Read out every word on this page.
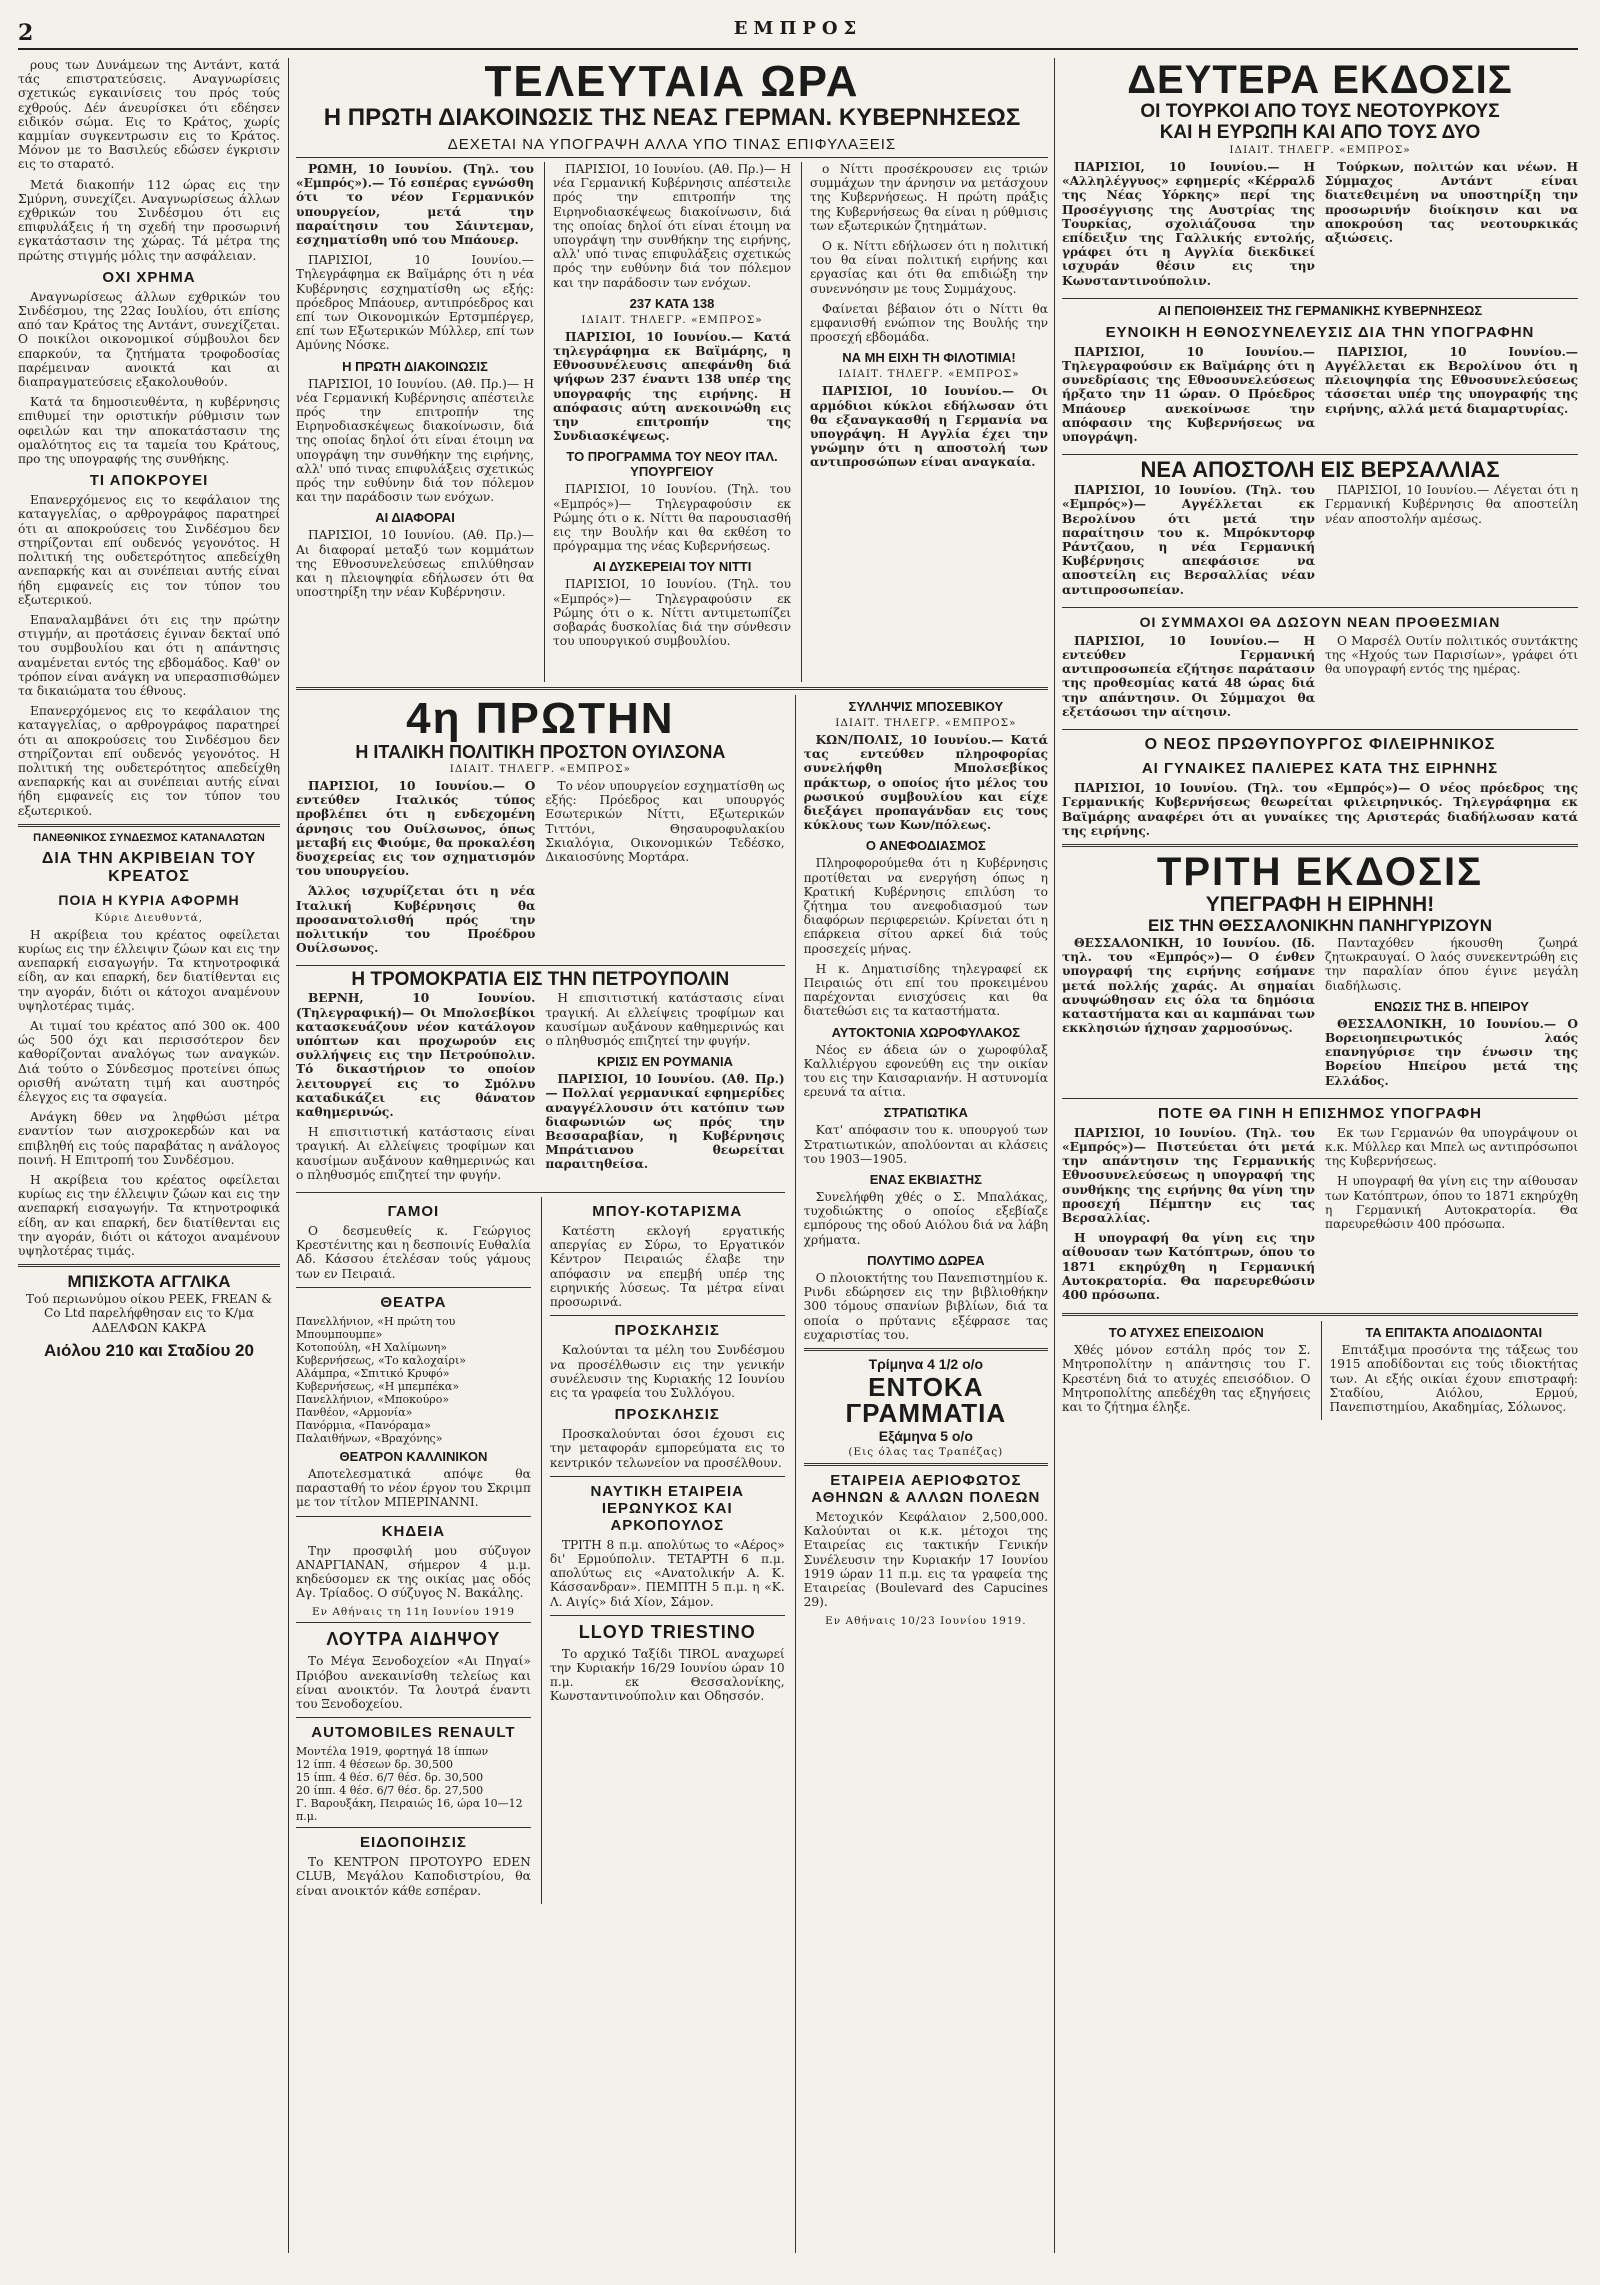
2	ΕΜΠΡΟΣ

ρους των Δυνάμεων της Αντάντ, κατά τάς επιστρατεύσεις. Αναγνωρίσεις σχετικώς εγκαινίσεις του πρός τούς εχθρούς. Δέν άνευρίσκει ότι εδέησεν ειδικόν σώμα. Εις το Κράτος, χωρίς καμμίαν συγκεντρωσιν εις το Κράτος. Μόνον με το Βασιλεύς εδώσεν έγκρισιν εις το σταρατό.

Μετά διακοπήν 112 ώρας εις την Σμύρνη, συνεχίζει. Αναγνωρίσεως άλλων εχθρικών του Σινδέσμου ότι εις επιφυλάξεις ή τη σχεδή την προσωρινή εγκατάστασιν της χώρας. Τά μέτρα της πρώτης στιγμής μόλις την ασφάλειαν.

ΟΧΙ ΧΡΗΜΑ

Αναγνωρίσεως άλλων εχθρικών του Σινδέσμου, της 22ας Ιουλίου, ότι επίσης από ταν Κράτος της Αντάντ, συνεχίζεται. Ο ποικίλοι οικονομικοί σύμβουλοι δεν επαρκούν, τα ζητήματα τροφοδοσίας παρέμειναν ανοικτά και αι διαπραγματεύσεις εξακολουθούν.

Κατά τα δημοσιευθέντα, η κυβέρνησις επιθυμεί την οριστικήν ρύθμισιν των οφειλών και την αποκατάστασιν της ομαλότητος εις τα ταμεία του Κράτους, προ της υπογραφής της συνθήκης.

ΤΙ ΑΠΟΚΡΟΥΕΙ

Επανερχόμενος εις το κεφάλαιον της καταγγελίας, ο αρθρογράφος παρατηρεί ότι αι αποκρούσεις του Σινδέσμου δεν στηρίζονται επί ουδενός γεγονότος. Η πολιτική της ουδετερότητος απεδείχθη ανεπαρκής και αι συνέπειαι αυτής είναι ήδη εμφανείς εις τον τύπον του εξωτερικού.

Επαναλαμβάνει ότι εις την πρώτην στιγμήν, αι προτάσεις έγιναν δεκταί υπό του συμβουλίου και ότι η απάντησις αναμένεται εντός της εβδομάδος. Καθ' ον τρόπον είναι ανάγκη να υπερασπισθώμεν τα δικαιώματα του έθνους.

Επανερχόμενος εις το κεφάλαιον της καταγγελίας, ο αρθρογράφος παρατηρεί ότι αι αποκρούσεις του Σινδέσμου δεν στηρίζονται επί ουδενός γεγονότος. Η πολιτική της ουδετερότητος απεδείχθη ανεπαρκής και αι συνέπειαι αυτής είναι ήδη εμφανείς εις τον τύπον του εξωτερικού.

ΠΑΝΕΘΝΙΚΟΣ ΣΥΝΔΕΣΜΟΣ ΚΑΤΑΝΑΛΩΤΩΝ
ΔΙΑ ΤΗΝ ΑΚΡΙΒΕΙΑΝ ΤΟΥ ΚΡΕΑΤΟΣ
ΠΟΙΑ Η ΚΥΡΙΑ ΑΦΟΡΜΗ
Κύριε Διευθυντά,

Η ακρίβεια του κρέατος οφείλεται κυρίως εις την έλλειψιν ζώων και εις την ανεπαρκή εισαγωγήν. Τα κτηνοτροφικά είδη, αν και επαρκή, δεν διατίθενται εις την αγοράν, διότι οι κάτοχοι αναμένουν υψηλοτέρας τιμάς.

Αι τιμαί του κρέατος από 300 οκ. 400 ώς 500 όχι και περισσότερον δεν καθορίζονται αναλόγως των αναγκών. Διά τούτο ο Σύνδεσμος προτείνει όπως ορισθή ανώτατη τιμή και αυστηρός έλεγχος εις τα σφαγεία.

Ανάγκη δθεν να ληφθώσι μέτρα εναντίον των αισχροκερδών και να επιβληθή εις τούς παραβάτας η ανάλογος ποινή. Η Επιτροπή του Συνδέσμου.

Η ακρίβεια του κρέατος οφείλεται κυρίως εις την έλλειψιν ζώων και εις την ανεπαρκή εισαγωγήν. Τα κτηνοτροφικά είδη, αν και επαρκή, δεν διατίθενται εις την αγοράν, διότι οι κάτοχοι αναμένουν υψηλοτέρας τιμάς.

ΜΠΙΣΚΟΤΑ ΑΓΓΛΙΚΑ
Τού περιωνύμου οίκου PEEK, FREAN & Co Ltd παρελήφθησαν εις το Κ/μα ΑΔΕΛΦΩΝ ΚΑΚΡΑ
Αιόλου 210 και Σταδίου 20
ΤΕΛΕΥΤΑΙΑ ΩΡΑ
Η ΠΡΩΤΗ ΔΙΑΚΟΙΝΩΣΙΣ ΤΗΣ ΝΕΑΣ ΓΕΡΜΑΝ. ΚΥΒΕΡΝΗΣΕΩΣ
ΔΕΧΕΤΑΙ ΝΑ ΥΠΟΓΡΑΨΗ ΑΛΛΑ ΥΠΟ ΤΙΝΑΣ ΕΠΙΦΥΛΑΞΕΙΣ

ΡΩΜΗ, 10 Ιουνίου. (Τηλ. του «Εμπρός»).— Τό εσπέρας εγνώσθη ότι το νέον Γερμανικόν υπουργείον, μετά την παραίτησιν του Σάιντεμαν, εσχηματίσθη υπό του Μπάουερ.

ΠΑΡΙΣΙΟΙ, 10 Ιουνίου.— Τηλεγράφημα εκ Βαϊμάρης ότι η νέα Κυβέρνησις εσχηματίσθη ως εξής: πρόεδρος Μπάουερ, αντιπρόεδρος και επί των Οικονομικών Ερτσμπέργερ, επί των Εξωτερικών Μύλλερ, επί των Αμύνης Νόσκε.

Η ΠΡΩΤΗ ΔΙΑΚΟΙΝΩΣΙΣ

ΠΑΡΙΣΙΟΙ, 10 Ιουνίου. (Αθ. Πρ.)— Η νέα Γερμανική Κυβέρνησις απέστειλε πρός την επιτροπήν της Ειρηνοδιασκέψεως διακοίνωσιν, διά της οποίας δηλοί ότι είναι έτοιμη να υπογράψη την συνθήκην της ειρήνης, αλλ' υπό τινας επιφυλάξεις σχετικώς πρός την ευθύνην διά τον πόλεμον και την παράδοσιν των ενόχων.

ΑΙ ΔΙΑΦΟΡΑΙ

ΠΑΡΙΣΙΟΙ, 10 Ιουνίου. (Αθ. Πρ.)— Αι διαφοραί μεταξύ των κομμάτων της Εθνοσυνελεύσεως επιλύθησαν και η πλειοψηφία εδήλωσεν ότι θα υποστηρίξη την νέαν Κυβέρνησιν.

ΠΑΡΙΣΙΟΙ, 10 Ιουνίου. (Αθ. Πρ.)— Η νέα Γερμανική Κυβέρνησις απέστειλε πρός την επιτροπήν της Ειρηνοδιασκέψεως διακοίνωσιν, διά της οποίας δηλοί ότι είναι έτοιμη να υπογράψη την συνθήκην της ειρήνης, αλλ' υπό τινας επιφυλάξεις σχετικώς πρός την ευθύνην διά τον πόλεμον και την παράδοσιν των ενόχων.

237 ΚΑΤΑ 138
ΙΔΙΑΙΤ. ΤΗΛΕΓΡ. «ΕΜΠΡΟΣ»

ΠΑΡΙΣΙΟΙ, 10 Ιουνίου.— Κατά τηλεγράφημα εκ Βαϊμάρης, η Εθνοσυνέλευσις απεφάνθη διά ψήφων 237 έναντι 138 υπέρ της υπογραφής της ειρήνης. Η απόφασις αύτη ανεκοινώθη εις την επιτροπήν της Συνδιασκέψεως.

ΤΟ ΠΡΟΓΡΑΜΜΑ ΤΟΥ ΝΕΟΥ ΙΤΑΛ. ΥΠΟΥΡΓΕΙΟΥ

ΠΑΡΙΣΙΟΙ, 10 Ιουνίου. (Τηλ. του «Εμπρός»)— Τηλεγραφούσιν εκ Ρώμης ότι ο κ. Νίττι θα παρουσιασθή εις την Βουλήν και θα εκθέση το πρόγραμμα της νέας Κυβερνήσεως.

ΑΙ ΔΥΣΚΕΡΕΙΑΙ ΤΟΥ ΝΙΤΤΙ

ΠΑΡΙΣΙΟΙ, 10 Ιουνίου. (Τηλ. του «Εμπρός»)— Τηλεγραφούσιν εκ Ρώμης ότι ο κ. Νίττι αντιμετωπίζει σοβαράς δυσκολίας διά την σύνθεσιν του υπουργικού συμβουλίου.

ο Νίττι προσέκρουσεν εις τριών συμμάχων την άρνησιν να μετάσχουν της Κυβερνήσεως. Η πρώτη πράξις της Κυβερνήσεως θα είναι η ρύθμισις των εξωτερικών ζητημάτων.

Ο κ. Νίττι εδήλωσεν ότι η πολιτική του θα είναι πολιτική ειρήνης και εργασίας και ότι θα επιδιώξη την συνεννόησιν με τους Συμμάχους.

Φαίνεται βέβαιον ότι ο Νίττι θα εμφανισθή ενώπιον της Βουλής την προσεχή εβδομάδα.

ΝΑ ΜΗ ΕΙΧΗ ΤΗ ΦΙΛΟΤΙΜΙΑ!
ΙΔΙΑΙΤ. ΤΗΛΕΓΡ. «ΕΜΠΡΟΣ»

ΠΑΡΙΣΙΟΙ, 10 Ιουνίου.— Οι αρμόδιοι κύκλοι εδήλωσαν ότι θα εξαναγκασθή η Γερμανία να υπογράψη. Η Αγγλία έχει την γνώμην ότι η αποστολή των αντιπροσώπων είναι αναγκαία.

4η ΠΡΩΤΗΝ
Η ΙΤΑΛΙΚΗ ΠΟΛΙΤΙΚΗ ΠΡΟΣΤΟΝ ΟΥΙΛΣΟΝΑ
ΙΔΙΑΙΤ. ΤΗΛΕΓΡ. «ΕΜΠΡΟΣ»

ΠΑΡΙΣΙΟΙ, 10 Ιουνίου.— Ο εντεύθεν Ιταλικός τύπος προβλέπει ότι η ενδεχομένη άρνησις του Ουίλσωνος, όπως μεταβή εις Φιούμε, θα προκαλέση δυσχερείας εις τον σχηματισμόν του υπουργείου.

Άλλος ισχυρίζεται ότι η νέα Ιταλική Κυβέρνησις θα προσανατολισθή πρός την πολιτικήν του Προέδρου Ουίλσωνος.

Το νέον υπουργείον εσχηματίσθη ως εξής: Πρόεδρος και υπουργός Εσωτερικών Νίττι, Εξωτερικών Τιττόνι, Θησαυροφυλακίου Σκιαλόγια, Οικονομικών Τεδέσκο, Δικαιοσύνης Μορτάρα.

Η ΤΡΟΜΟΚΡΑΤΙΑ ΕΙΣ ΤΗΝ ΠΕΤΡΟΥΠΟΛΙΝ

ΒΕΡΝΗ, 10 Ιουνίου. (Τηλεγραφική)— Οι Μπολσεβίκοι κατασκευάζουν νέον κατάλογον υπόπτων και προχωρούν εις συλλήψεις εις την Πετρούπολιν. Τό δικαστήριον το οποίον λειτουργεί εις το Σμόλνυ καταδικάζει εις θάνατον καθημερινώς.

Η επισιτιστική κατάστασις είναι τραγική. Αι ελλείψεις τροφίμων και καυσίμων αυξάνουν καθημερινώς και ο πληθυσμός επιζητεί την φυγήν.

Η επισιτιστική κατάστασις είναι τραγική. Αι ελλείψεις τροφίμων και καυσίμων αυξάνουν καθημερινώς και ο πληθυσμός επιζητεί την φυγήν.

ΚΡΙΣΙΣ ΕΝ ΡΟΥΜΑΝΙΑ

ΠΑΡΙΣΙΟΙ, 10 Ιουνίου. (Αθ. Πρ.)— Πολλαί γερμανικαί εφημερίδες αναγγέλλουσιν ότι κατόπιν των διαφωνιών ως πρός την Βεσσαραβίαν, η Κυβέρνησις Μπράτιανου θεωρείται παραιτηθείσα.

ΓΑΜΟΙ

Ο δεσμευθείς κ. Γεώργιος Κρεστένιτης και η δεσποινίς Ευθαλία Αδ. Κάσσου έτελέσαν τούς γάμους των εν Πειραιά.

ΘΕΑΤΡΑ
Πανελλήνιον, «Η πρώτη του Μπουμπουμπε»
Κοτοπούλη, «Η Χαλίμωνη»
Κυβερνήσεως, «Το καλοχαίρι»
Αλάμπρα, «Σπιτικό Κρυφό»
Κυβερνήσεως, «Η μπεμπέκα»
Πανελλήνιον, «Μποκούρο»
Πανθέον, «Αρμονία»
Πανόρμια, «Πανόραμα»
Παλαιθήνων, «Βραχόνης»
ΘΕΑΤΡΟΝ ΚΑΛΛΙΝΙΚΟΝ

Αποτελεσματικά απόψε θα παρασταθή το νέον έργον του Σκριμπ με τον τίτλον ΜΠΕΡΙΝΑΝΝΙ.

ΚΗΔΕΙΑ

Την προσφιλή μου σύζυγον ΑΝΑΡΓΙΑΝΑΝ, σήμερον 4 μ.μ. κηδεύσομεν εκ της οικίας μας οδός Αγ. Τρίαδος. Ο σύζυγος Ν. Βακάλης.

Εν Αθήναις τη 11η Ιουνίου 1919
ΛΟΥΤΡΑ ΑΙΔΗΨΟΥ

Το Μέγα Ξενοδοχείον «Αι Πηγαί» Πριόβου ανεκαινίσθη τελείως και είναι ανοικτόν. Τα λουτρά έναντι του Ξενοδοχείου.

AUTOMOBILES RENAULT
Μοντέλα 1919, φορτηγά 18 ίππων
12 ίππ. 4 θέσεων δρ. 30,500
15 ίππ. 4 θέσ. 6/7 θέσ. δρ. 30,500
20 ίππ. 4 θέσ. 6/7 θέσ. δρ. 27,500
Γ. Βαρουξάκη, Πειραιώς 16, ώρα 10—12 π.μ.
ΕΙΔΟΠΟΙΗΣΙΣ

Το ΚΕΝΤΡΟΝ ΠΡΟΤΟΥΡΟ EDEN CLUB, Μεγάλου Καποδιστρίου, θα είναι ανοικτόν κάθε εσπέραν.

ΜΠΟΥ-ΚΟΤΑΡΙΣΜΑ

Κατέστη εκλογή εργατικής απεργίας εν Σύρω, το Εργατικόν Κέντρον Πειραιώς έλαβε την απόφασιν να επεμβή υπέρ της ειρηνικής λύσεως. Τα μέτρα είναι προσωρινά.

ΠΡΟΣΚΛΗΣΙΣ

Καλούνται τα μέλη του Συνδέσμου να προσέλθωσιν εις την γενικήν συνέλευσιν της Κυριακής 12 Ιουνίου εις τα γραφεία του Συλλόγου.

ΠΡΟΣΚΛΗΣΙΣ

Προσκαλούνται όσοι έχουσι εις την μεταφοράν εμπορεύματα εις το κεντρικόν τελωνείον να προσέλθουν.

ΝΑΥΤΙΚΗ ΕΤΑΙΡΕΙΑ ΙΕΡΩΝΥΚΟΣ ΚΑΙ ΑΡΚΟΠΟΥΛΟΣ

ΤΡΙΤΗ 8 π.μ. απολύτως το «Αέρος» δι' Ερμούπολιν. ΤΕΤΑΡΤΗ 6 π.μ. απολύτως εις «Ανατολικήν Α. Κ. Κάσσανδραν». ΠΕΜΠΤΗ 5 π.μ. η «Κ. Λ. Αιγίς» διά Χίον, Σάμον.

LLOYD TRIESTINO

Το αρχικό Ταξίδι TIROL αναχωρεί την Κυριακήν 16/29 Ιουνίου ώραν 10 π.μ. εκ Θεσσαλονίκης, Κωνσταντινούπολιν και Οδησσόν.

ΣΥΛΛΗΨΙΣ ΜΠΟΣΕΒΙΚΟΥ
ΙΔΙΑΙΤ. ΤΗΛΕΓΡ. «ΕΜΠΡΟΣ»

ΚΩΝ/ΠΟΛΙΣ, 10 Ιουνίου.— Κατά τας εντεύθεν πληροφορίας συνελήφθη Μπολσεβίκος πράκτωρ, ο οποίος ήτο μέλος του ρωσικού συμβουλίου και είχε διεξάγει προπαγάνδαν εις τους κύκλους των Κων/πόλεως.

Ο ΑΝΕΦΟΔΙΑΣΜΟΣ

Πληροφορούμεθα ότι η Κυβέρνησις προτίθεται να ενεργήση όπως η Κρατική Κυβέρνησις επιλύση το ζήτημα του ανεφοδιασμού των διαφόρων περιφερειών. Κρίνεται ότι η επάρκεια σίτου αρκεί διά τούς προσεχείς μήνας.

Η κ. Δηματισίδης τηλεγραφεί εκ Πειραιώς ότι επί του προκειμένου παρέχονται ενισχύσεις και θα διατεθώσι εις τα καταστήματα.

ΑΥΤΟΚΤΟΝΙΑ ΧΩΡΟΦΥΛΑΚΟΣ

Νέος εν άδεια ών ο χωροφύλαξ Καλλιέργου εφονεύθη εις την οικίαν του εις την Καισαριανήν. Η αστυνομία ερευνά τα αίτια.

ΣΤΡΑΤΙΩΤΙΚΑ

Κατ' απόφασιν του κ. υπουργού των Στρατιωτικών, απολύονται αι κλάσεις του 1903—1905.

ΕΝΑΣ ΕΚΒΙΑΣΤΗΣ

Συνελήφθη χθές ο Σ. Μπαλάκας, τυχοδιώκτης ο οποίος εξεβίαζε εμπόρους της οδού Αιόλου διά να λάβη χρήματα.

ΠΟΛΥΤΙΜΟ ΔΩΡΕΑ

Ο πλοιοκτήτης του Πανεπιστημίου κ. Ρινδι εδώρησεν εις την βιβλιοθήκην 300 τόμους σπανίων βιβλίων, διά τα οποία ο πρύτανις εξέφρασε τας ευχαριστίας του.

Τρίμηνα 4 1/2 ο/ο
ΕΝΤΟΚΑ ΓΡΑΜΜΑΤΙΑ
Εξάμηνα 5 ο/ο
(Εις όλας τας Τραπέζας)
ΕΤΑΙΡΕΙΑ ΑΕΡΙΟΦΩΤΟΣ ΑΘΗΝΩΝ & ΑΛΛΩΝ ΠΟΛΕΩΝ

Μετοχικόν Κεφάλαιον 2,500,000. Καλούνται οι κ.κ. μέτοχοι της Εταιρείας εις τακτικήν Γενικήν Συνέλευσιν την Κυριακήν 17 Ιουνίου 1919 ώραν 11 π.μ. εις τα γραφεία της Εταιρείας (Boulevard des Capucines 29).

Εν Αθήναις 10/23 Ιουνίου 1919.
ΔΕΥΤΕΡΑ ΕΚΔΟΣΙΣ
ΟΙ ΤΟΥΡΚΟΙ ΑΠΟ ΤΟΥΣ ΝΕΟΤΟΥΡΚΟΥΣ
ΚΑΙ Η ΕΥΡΩΠΗ ΚΑΙ ΑΠΟ ΤΟΥΣ ΔΥΟ
ΙΔΙΑΙΤ. ΤΗΛΕΓΡ. «ΕΜΠΡΟΣ»

ΠΑΡΙΣΙΟΙ, 10 Ιουνίου.— Η «Αλληλέγγυος» εφημερίς «Κέρραλδ της Νέας Υόρκης» περί της Προσέγγισης της Αυστρίας της Τουρκίας, σχολιάζουσα την επίδειξιν της Γαλλικής εντολής, γράφει ότι η Αγγλία διεκδικεί ισχυράν θέσιν εις την Κωνσταντινούπολιν.

Τούρκων, πολιτών και νέων. Η Σύμμαχος Αντάντ είναι διατεθειμένη να υποστηρίξη την προσωρινήν διοίκησιν και να αποκρούση τας νεοτουρκικάς αξιώσεις.

ΑΙ ΠΕΠΟΙΘΗΣΕΙΣ ΤΗΣ ΓΕΡΜΑΝΙΚΗΣ ΚΥΒΕΡΝΗΣΕΩΣ
ΕΥΝΟΙΚΗ Η ΕΘΝΟΣΥΝΕΛΕΥΣΙΣ ΔΙΑ ΤΗΝ ΥΠΟΓΡΑΦΗΝ

ΠΑΡΙΣΙΟΙ, 10 Ιουνίου.— Τηλεγραφούσιν εκ Βαϊμάρης ότι η συνεδρίασις της Εθνοσυνελεύσεως ήρξατο την 11 ώραν. Ο Πρόεδρος Μπάουερ ανεκοίνωσε την απόφασιν της Κυβερνήσεως να υπογράψη.

ΠΑΡΙΣΙΟΙ, 10 Ιουνίου.— Αγγέλλεται εκ Βερολίνου ότι η πλειοψηφία της Εθνοσυνελεύσεως τάσσεται υπέρ της υπογραφής της ειρήνης, αλλά μετά διαμαρτυρίας.

ΝΕΑ ΑΠΟΣΤΟΛΗ ΕΙΣ ΒΕΡΣΑΛΛΙΑΣ

ΠΑΡΙΣΙΟΙ, 10 Ιουνίου. (Τηλ. του «Εμπρός»)— Αγγέλλεται εκ Βερολίνου ότι μετά την παραίτησιν του κ. Μπρόκντορφ Ράντζαου, η νέα Γερμανική Κυβέρνησις απεφάσισε να αποστείλη εις Βερσαλλίας νέαν αντιπροσωπείαν.

ΠΑΡΙΣΙΟΙ, 10 Ιουνίου.— Λέγεται ότι η Γερμανική Κυβέρνησις θα αποστείλη νέαν αποστολήν αμέσως.

ΟΙ ΣΥΜΜΑΧΟΙ ΘΑ ΔΩΣΟΥΝ ΝΕΑΝ ΠΡΟΘΕΣΜΙΑΝ

ΠΑΡΙΣΙΟΙ, 10 Ιουνίου.— Η εντεύθεν Γερμανική αντιπροσωπεία εζήτησε παράτασιν της προθεσμίας κατά 48 ώρας διά την απάντησιν. Οι Σύμμαχοι θα εξετάσωσι την αίτησιν.

Ο Μαρσέλ Ουτίν πολιτικός συντάκτης της «Ηχούς των Παρισίων», γράφει ότι θα υπογραφή εντός της ημέρας.

Ο ΝΕΟΣ ΠΡΩΘΥΠΟΥΡΓΟΣ ΦΙΛΕΙΡΗΝΙΚΟΣ
ΑΙ ΓΥΝΑΙΚΕΣ ΠΑΛΙΕΡΕΣ ΚΑΤΑ ΤΗΣ ΕΙΡΗΝΗΣ

ΠΑΡΙΣΙΟΙ, 10 Ιουνίου. (Τηλ. του «Εμπρός»)— Ο νέος πρόεδρος της Γερμανικής Κυβερνήσεως θεωρείται φιλειρηνικός. Τηλεγράφημα εκ Βαϊμάρης αναφέρει ότι αι γυναίκες της Αριστεράς διαδήλωσαν κατά της ειρήνης.

ΤΡΙΤΗ ΕΚΔΟΣΙΣ
ΥΠΕΓΡΑΦΗ Η ΕΙΡΗΝΗ!
ΕΙΣ ΤΗΝ ΘΕΣΣΑΛΟΝΙΚΗΝ ΠΑΝΗΓΥΡΙΖΟΥΝ

ΘΕΣΣΑΛΟΝΙΚΗ, 10 Ιουνίου. (Ιδ. τηλ. του «Εμπρός»)— Ο ένθεν υπογραφή της ειρήνης εσήμανε μετά πολλής χαράς. Αι σημαίαι ανυψώθησαν εις όλα τα δημόσια καταστήματα και αι καμπάναι των εκκλησιών ήχησαν χαρμοσύνως.

Πανταχόθεν ήκουσθη ζωηρά ζητωκραυγαί. Ο λαός συνεκεντρώθη εις την παραλίαν όπου έγινε μεγάλη διαδήλωσις.

ΕΝΩΣΙΣ ΤΗΣ Β. ΗΠΕΙΡΟΥ

ΘΕΣΣΑΛΟΝΙΚΗ, 10 Ιουνίου.— Ο Βορειοηπειρωτικός λαός επανηγύρισε την ένωσιν της Βορείου Ηπείρου μετά της Ελλάδος.

ΠΟΤΕ ΘΑ ΓΙΝΗ Η ΕΠΙΣΗΜΟΣ ΥΠΟΓΡΑΦΗ

ΠΑΡΙΣΙΟΙ, 10 Ιουνίου. (Τηλ. του «Εμπρός»)— Πιστεύεται ότι μετά την απάντησιν της Γερμανικής Εθνοσυνελεύσεως η υπογραφή της συνθήκης της ειρήνης θα γίνη την προσεχή Πέμπτην εις τας Βερσαλλίας.

Η υπογραφή θα γίνη εις την αίθουσαν των Κατόπτρων, όπου το 1871 εκηρύχθη η Γερμανική Αυτοκρατορία. Θα παρευρεθώσιν 400 πρόσωπα.

Εκ των Γερμανών θα υπογράψουν οι κ.κ. Μύλλερ και Μπελ ως αντιπρόσωποι της Κυβερνήσεως.

Η υπογραφή θα γίνη εις την αίθουσαν των Κατόπτρων, όπου το 1871 εκηρύχθη η Γερμανική Αυτοκρατορία. Θα παρευρεθώσιν 400 πρόσωπα.

ΤΟ ΑΤΥΧΕΣ ΕΠΕΙΣΟΔΙΟΝ

Χθές μόνον εστάλη πρός τον Σ. Μητροπολίτην η απάντησις του Γ. Κρεστένη διά το ατυχές επεισόδιον. Ο Μητροπολίτης απεδέχθη τας εξηγήσεις και το ζήτημα έληξε.

ΤΑ ΕΠΙΤΑΚΤΑ ΑΠΟΔΙΔΟΝΤΑΙ

Επιτάξιμα προσόντα της τάξεως του 1915 αποδίδονται εις τούς ιδιοκτήτας των. Αι εξής οικίαι έχουν επιστραφή: Σταδίου, Αιόλου, Ερμού, Πανεπιστημίου, Ακαδημίας, Σόλωνος.
